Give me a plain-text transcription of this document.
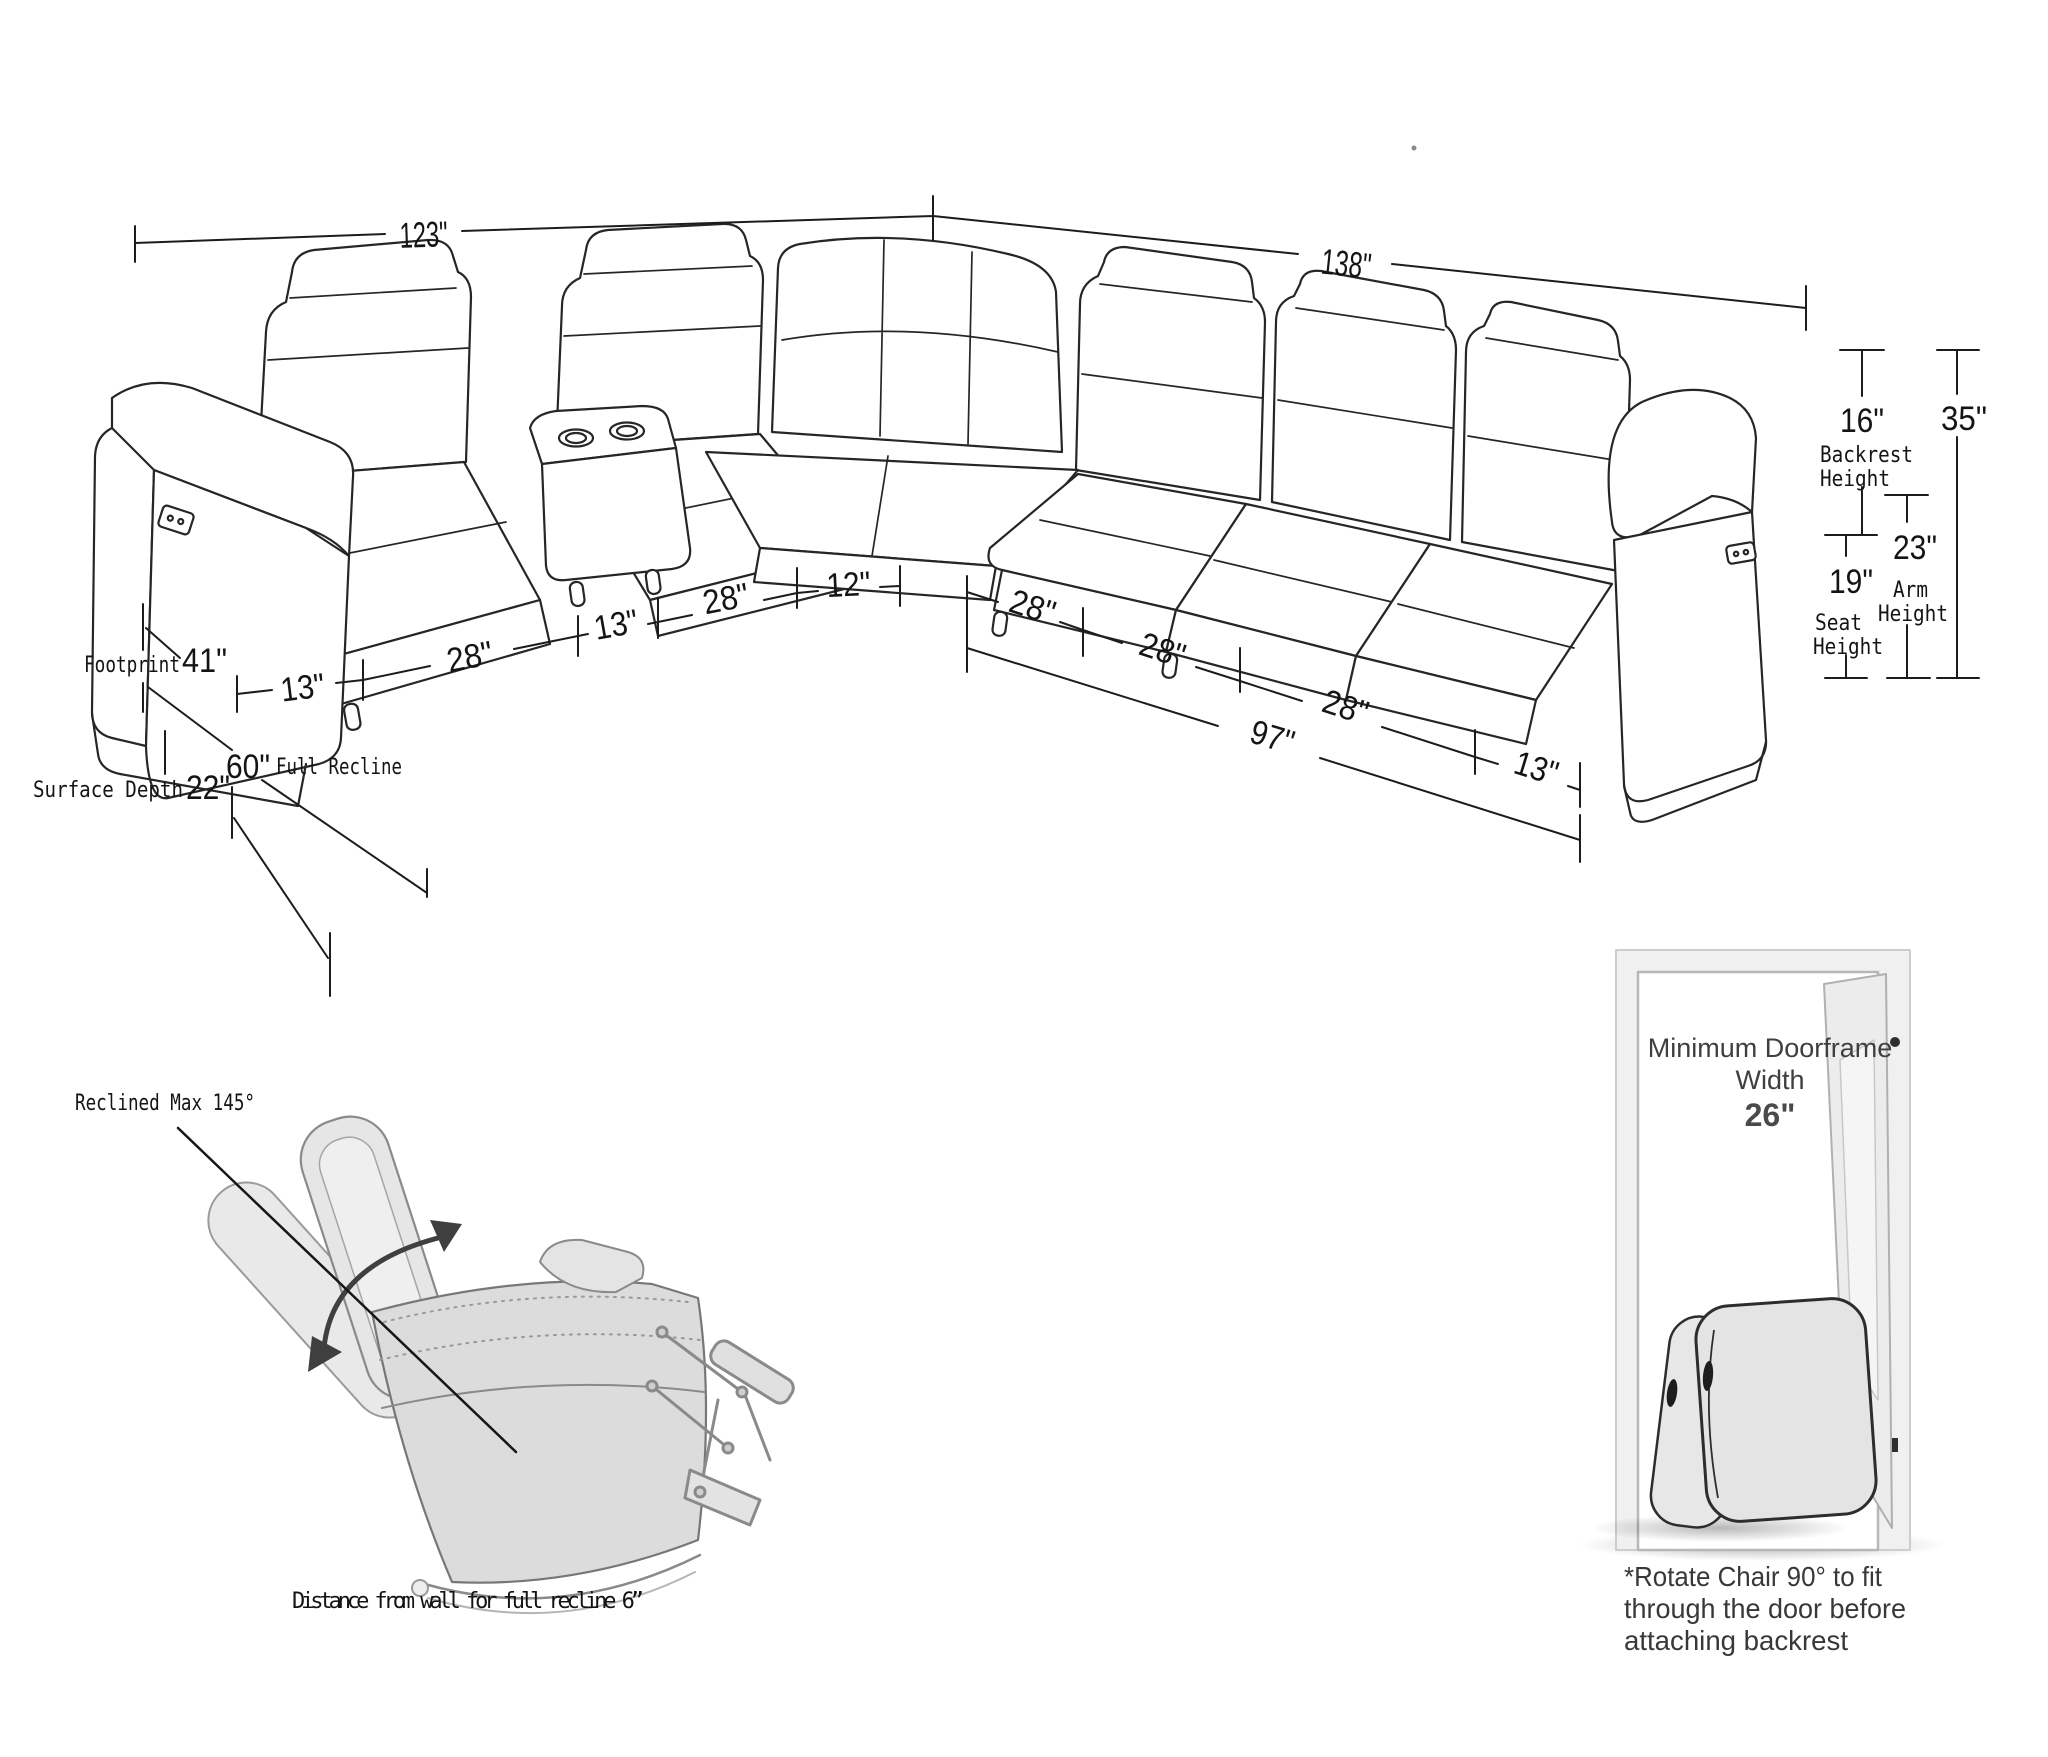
123"
138"
16"
Backrest
Height
35"
19"
Seat
Height
23"
Arm
Height
13"
28"
13"
28" 12"	28"
28"
28"
13"
97"
Footprint 41"
Surface Depth 22"
60" Full Recline
Reclined Max 145°
Distance from wall for full recline 6”
Minimum Doorframe
Width
26"
*Rotate Chair 90° to fit
through the door before
attaching backrest
